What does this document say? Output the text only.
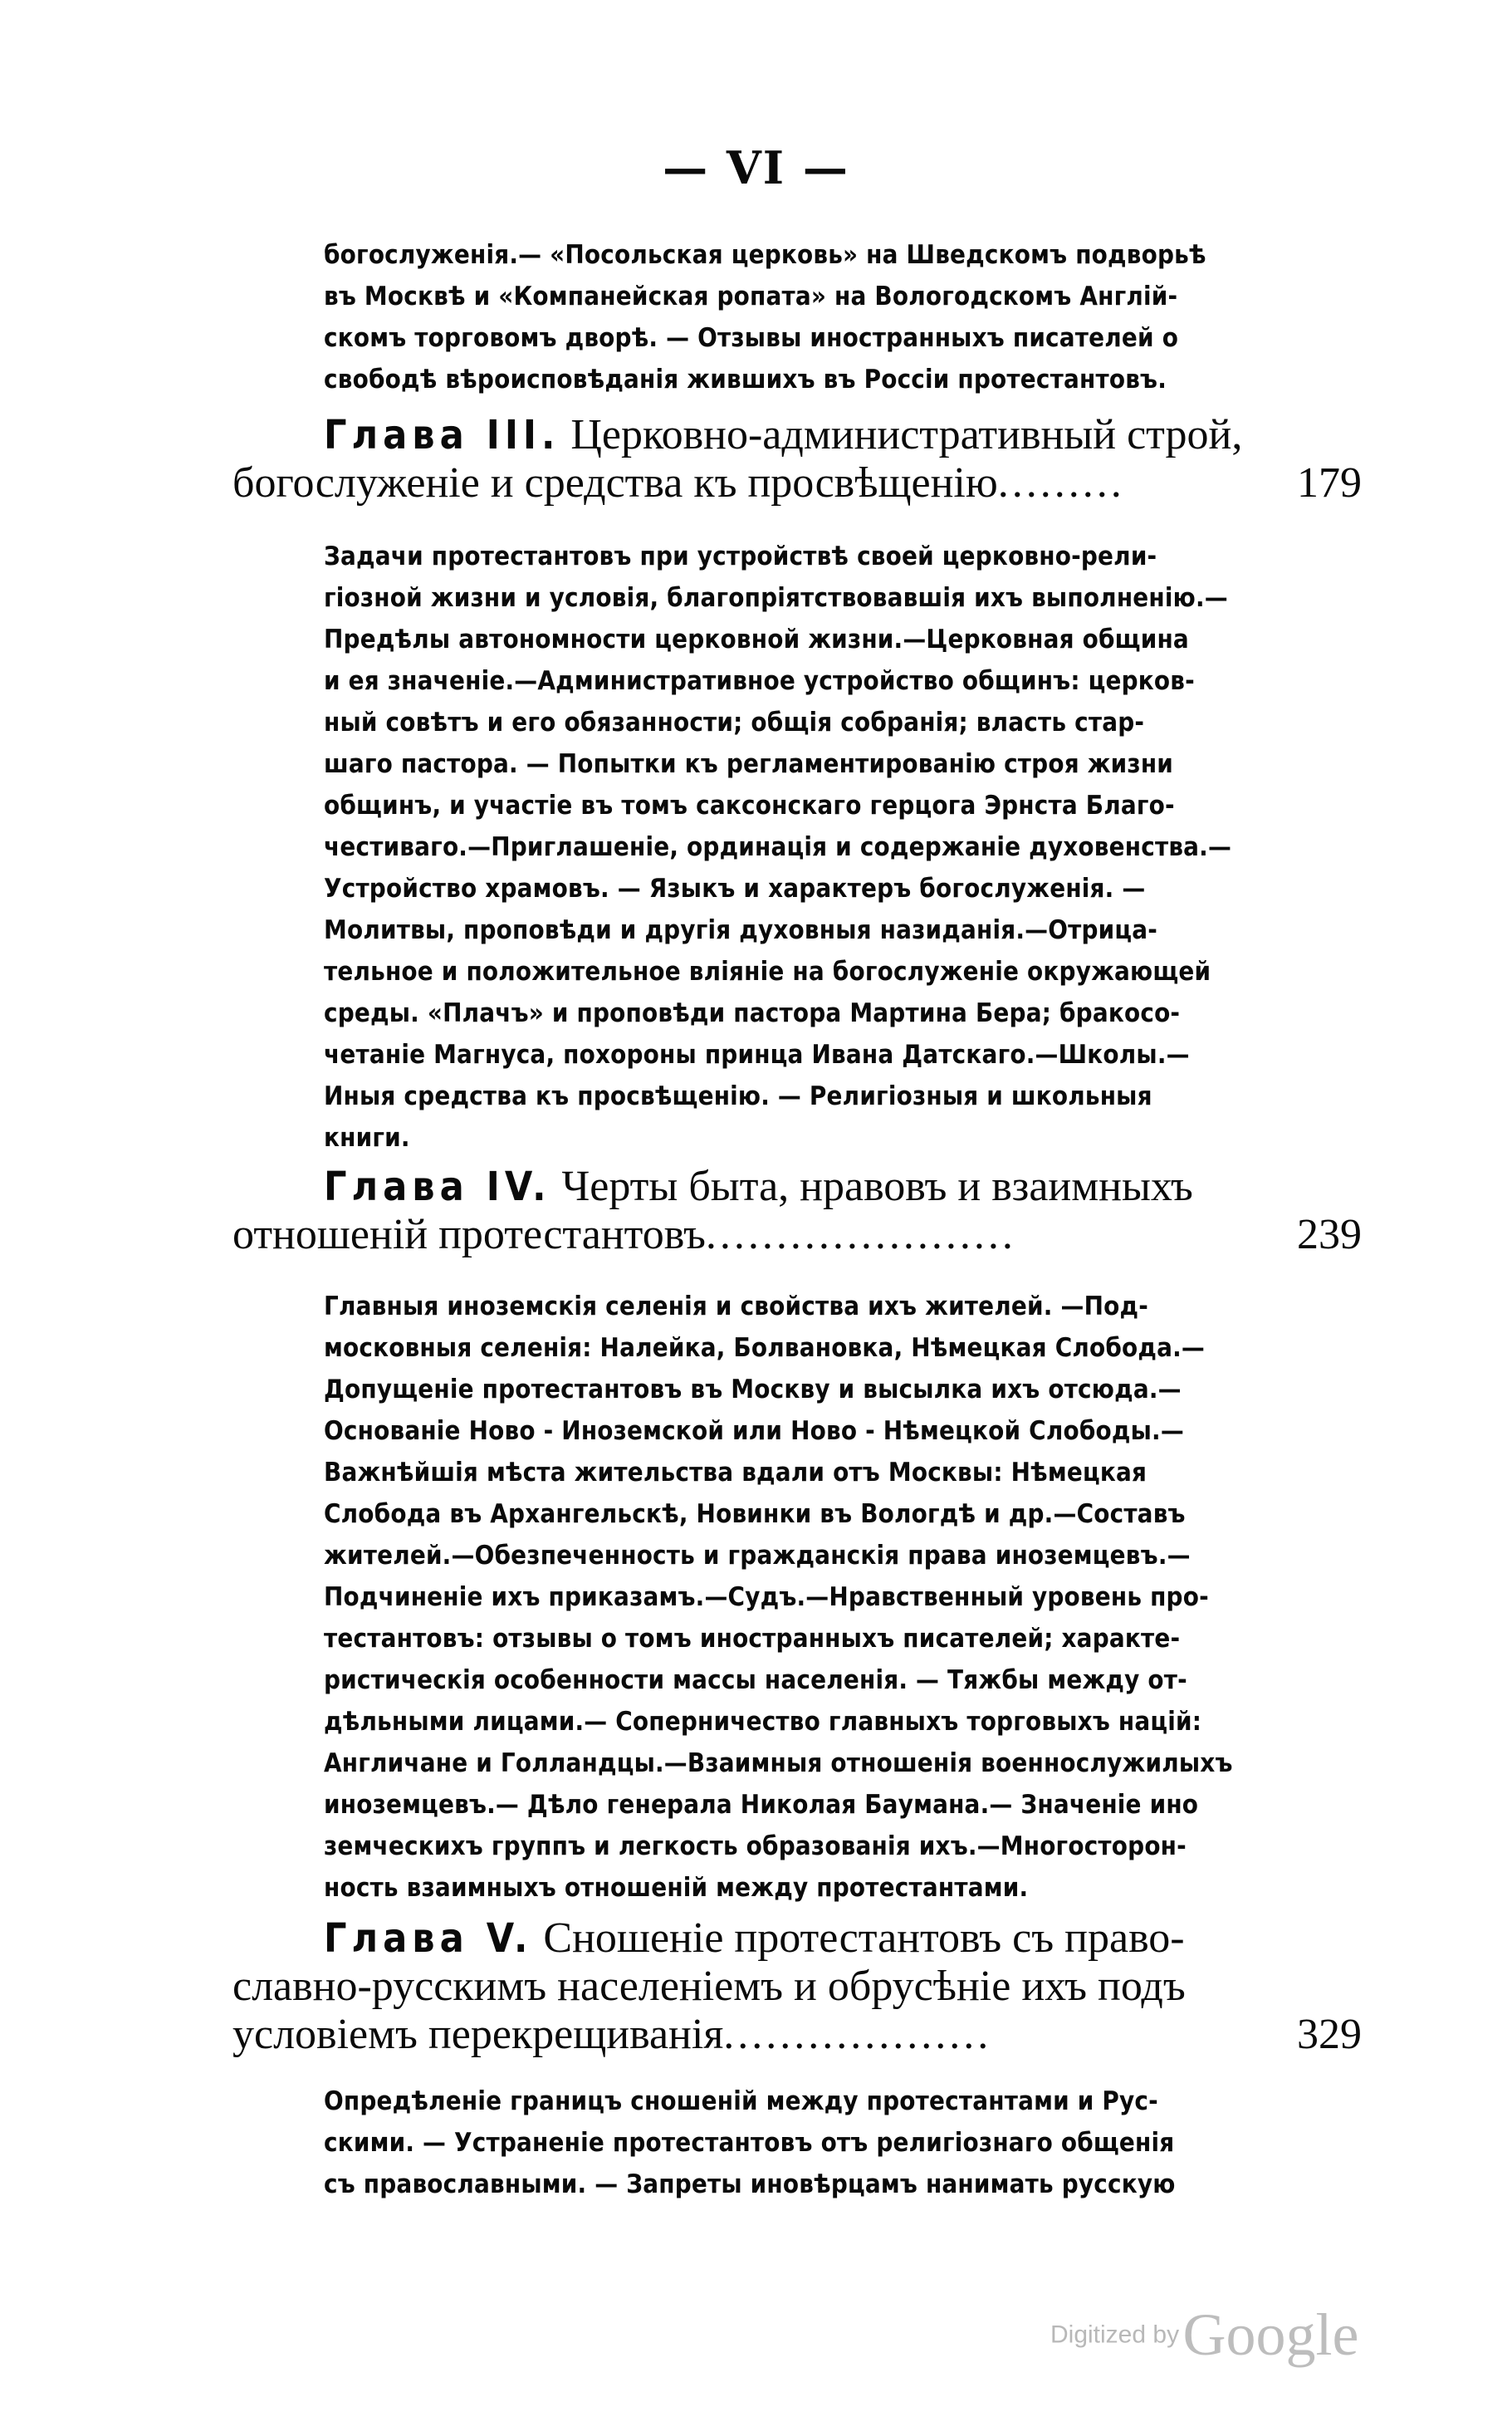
— VI —
богослуженія.— «Посольская церковь» на Шведскомъ подворьѣ
въ Москвѣ и «Компанейская ропата» на Вологодскомъ Англій-
скомъ торговомъ дворѣ. — Отзывы иностранныхъ писателей о
свободѣ вѣроисповѣданія жившихъ въ Россіи протестантовъ.
Глава III. Церковно-административный строй,
богослуженіе и средства къ просвѣщенію.........	179
Задачи протестантовъ при устройствѣ своей церковно-рели-
гіозной жизни и условія, благопріятствовавшія ихъ выполненію.—
Предѣлы автономности церковной жизни.—Церковная община
и ея значеніе.—Административное устройство общинъ: церков-
ный совѣтъ и его обязанности; общія собранія; власть стар-
шаго пастора. — Попытки къ регламентированію строя жизни
общинъ, и участіе въ томъ саксонскаго герцога Эрнста Благо-
честиваго.—Приглашеніе, ординація и содержаніе духовенства.—
Устройство храмовъ. — Языкъ и характеръ богослуженія. —
Молитвы, проповѣди и другія духовныя назиданія.—Отрица-
тельное и положительное вліяніе на богослуженіе окружающей
среды. «Плачъ» и проповѣди пастора Мартина Бера; бракосо-
четаніе Магнуса, похороны принца Ивана Датскаго.—Школы.—
Иныя средства къ просвѣщенію. — Религіозныя и школьныя
книги.
Глава IV. Черты быта, нравовъ и взаимныхъ
отношеній протестантовъ......................	239
Главныя иноземскія селенія и свойства ихъ жителей. —Под-
московныя селенія: Налейка, Болвановка, Нѣмецкая Слобода.—
Допущеніе протестантовъ въ Москву и высылка ихъ отсюда.—
Основаніе Ново - Иноземской или Ново - Нѣмецкой Слободы.—
Важнѣйшія мѣста жительства вдали отъ Москвы: Нѣмецкая
Слобода въ Архангельскѣ, Новинки въ Вологдѣ и др.—Составъ
жителей.—Обезпеченность и гражданскія права иноземцевъ.—
Подчиненіе ихъ приказамъ.—Судъ.—Нравственный уровень про-
тестантовъ: отзывы о томъ иностранныхъ писателей; характе-
ристическія особенности массы населенія. — Тяжбы между от-
дѣльными лицами.— Соперничество главныхъ торговыхъ націй:
Англичане и Голландцы.—Взаимныя отношенія военнослужилыхъ
иноземцевъ.— Дѣло генерала Николая Баумана.— Значеніе ино
земческихъ группъ и легкость образованія ихъ.—Многосторон-
ность взаимныхъ отношеній между протестантами.
Глава V. Сношеніе протестантовъ съ право-
славно-русскимъ населеніемъ и обрусѣніе ихъ подъ
условіемъ перекрещиванія...................	329
Опредѣленіе границъ сношеній между протестантами и Рус-
скими. — Устраненіе протестантовъ отъ религіознаго общенія
съ православными. — Запреты иновѣрцамъ нанимать русскую
Digitized by Google
